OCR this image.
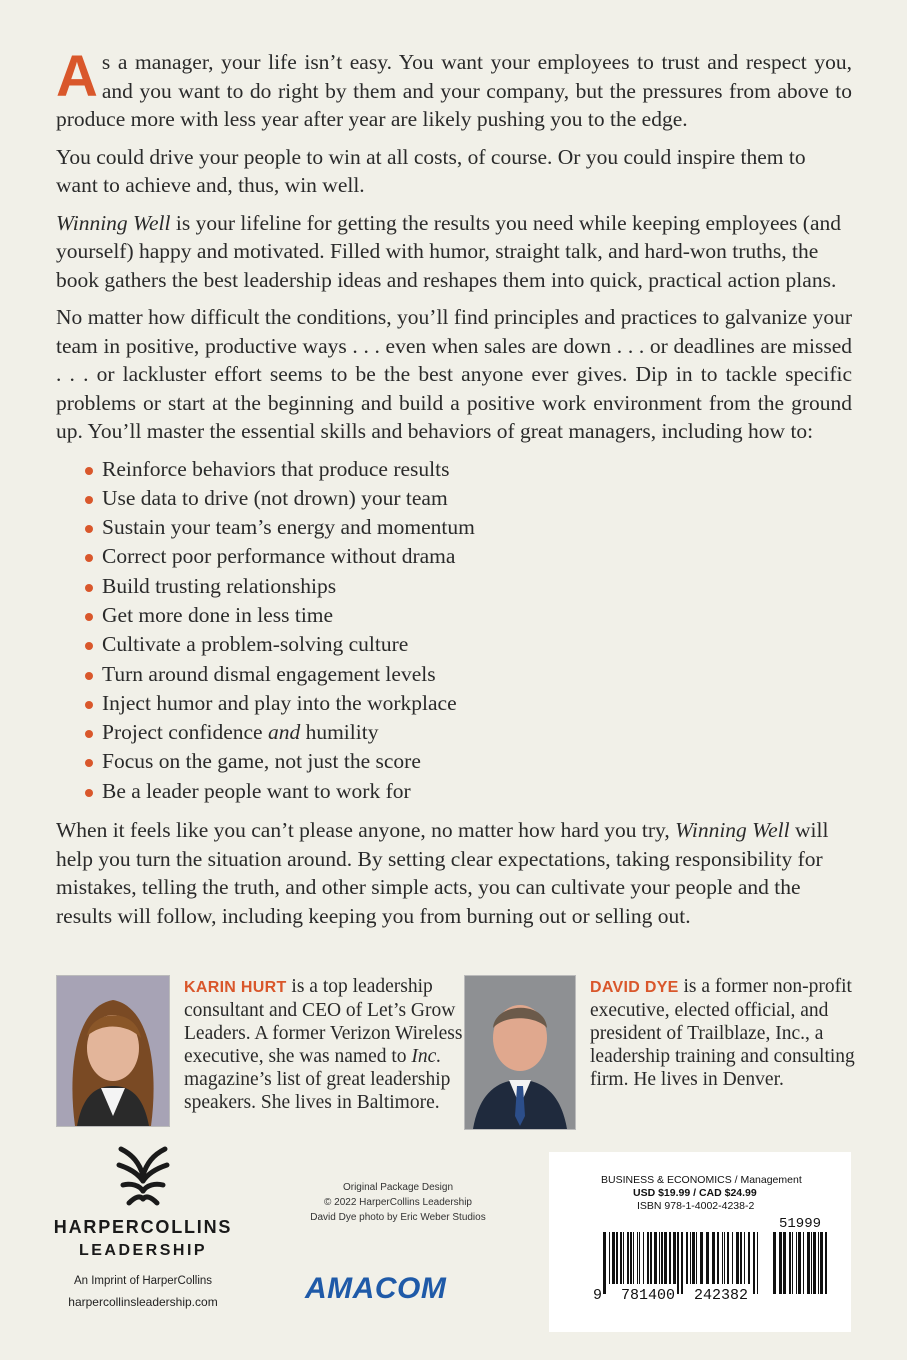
As a manager, your life isn’t easy. You want your employees to trust and respect you, and you want to do right by them and your company, but the pressures from above to produce more with less year after year are likely pushing you to the edge.

You could drive your people to win at all costs, of course. Or you could inspire them to want to achieve and, thus, win well.

Winning Well is your lifeline for getting the results you need while keeping employees (and yourself) happy and motivated. Filled with humor, straight talk, and hard-won truths, the book gathers the best leadership ideas and reshapes them into quick, practical action plans.

No matter how difficult the conditions, you’ll find principles and practices to galvanize your team in positive, productive ways . . . even when sales are down . . . or deadlines are missed . . . or lackluster effort seems to be the best anyone ever gives. Dip in to tackle specific problems or start at the beginning and build a positive work environment from the ground up. You’ll master the essential skills and behaviors of great managers, including how to:

Reinforce behaviors that produce results
Use data to drive (not drown) your team
Sustain your team’s energy and momentum
Correct poor performance without drama
Build trusting relationships
Get more done in less time
Cultivate a problem-solving culture
Turn around dismal engagement levels
Inject humor and play into the workplace
Project confidence and humility
Focus on the game, not just the score
Be a leader people want to work for

When it feels like you can’t please anyone, no matter how hard you try, Winning Well will help you turn the situation around. By setting clear expectations, taking responsibility for mistakes, telling the truth, and other simple acts, you can cultivate your people and the results will follow, including keeping you from burning out or selling out.

KARIN HURT is a top leadership consultant and CEO of Let’s Grow Leaders. A former Verizon Wireless executive, she was named to Inc. magazine’s list of great leadership speakers. She lives in Baltimore.
DAVID DYE is a former non-profit executive, elected official, and president of Trailblaze, Inc., a leadership training and consulting firm. He lives in Denver.
HARPERCOLLINS
LEADERSHIP
An Imprint of HarperCollins
harpercollinsleadership.com
Original Package Design
© 2022 HarperCollins Leadership
David Dye photo by Eric Weber Studios
AMACOM
BUSINESS & ECONOMICS / Management
USD $19.99 / CAD $24.99
ISBN 978-1-4002-4238-2
51999
9 781400 242382
